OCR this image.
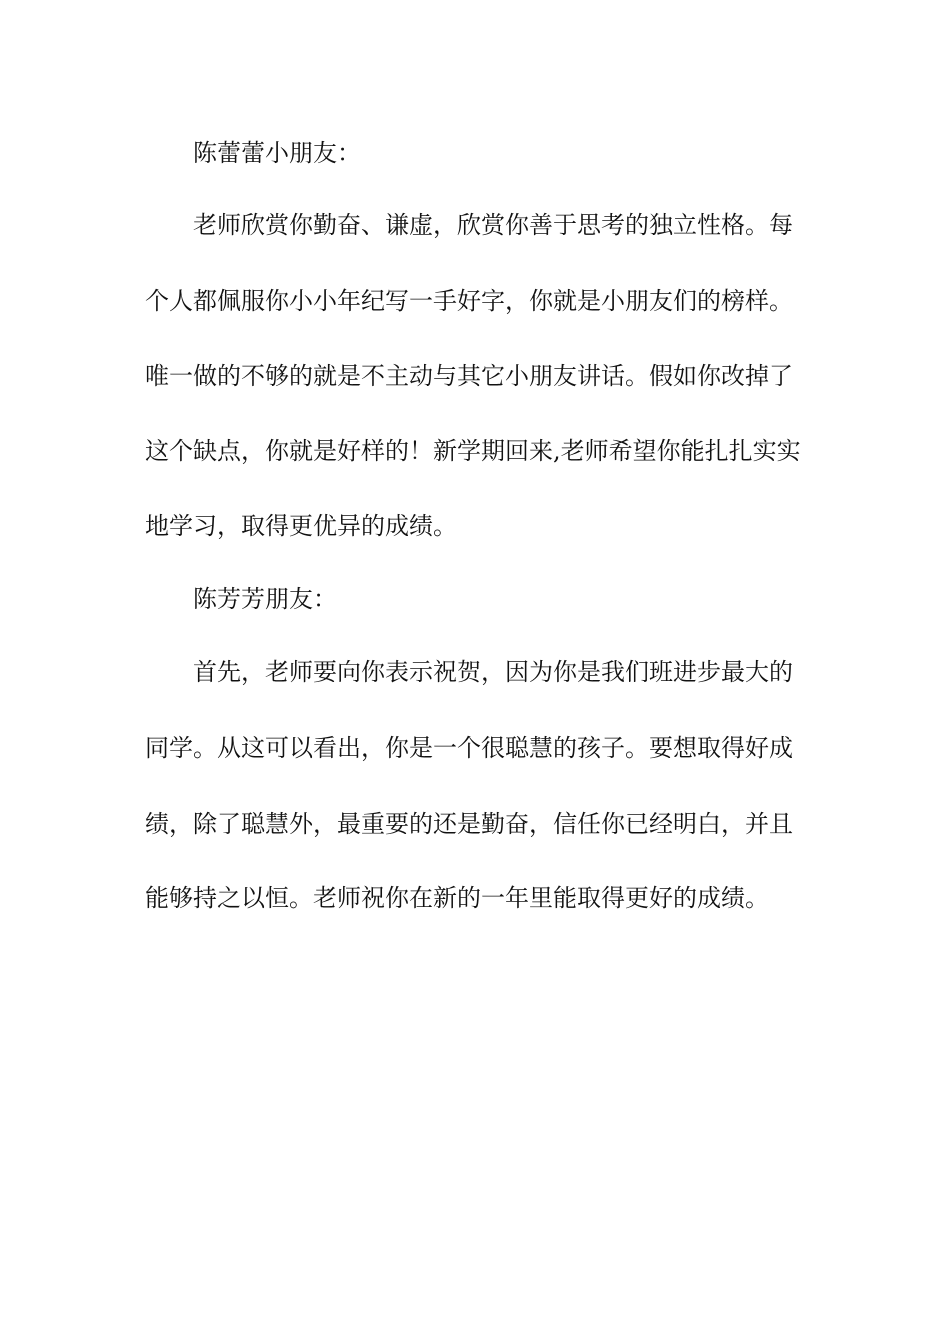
陈蕾蕾小朋友：
老师欣赏你勤奋、谦虚，欣赏你善于思考的独立性格。每
个人都佩服你小小年纪写一手好字，你就是小朋友们的榜样。
唯一做的不够的就是不主动与其它小朋友讲话。假如你改掉了
这个缺点，你就是好样的！新学期回来,老师希望你能扎扎实实
地学习，取得更优异的成绩。
陈芳芳朋友：
首先，老师要向你表示祝贺，因为你是我们班进步最大的
同学。从这可以看出，你是一个很聪慧的孩子。要想取得好成
绩，除了聪慧外，最重要的还是勤奋，信任你已经明白，并且
能够持之以恒。老师祝你在新的一年里能取得更好的成绩。
